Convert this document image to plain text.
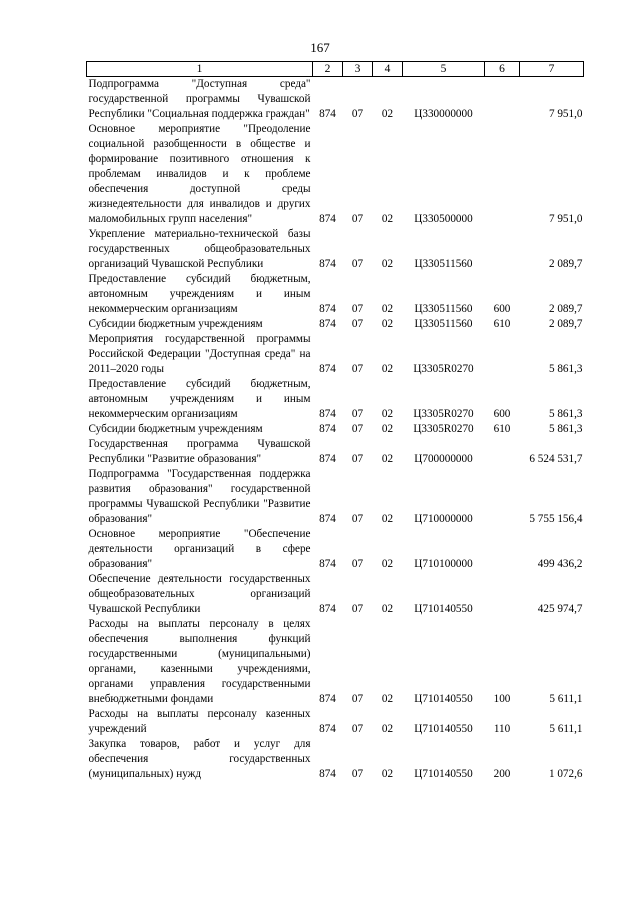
167
1	2	3	4	5	6	7
Подпрограмма "Доступная среда" государственной программы Чувашской Республики "Социальная поддержка граждан"	874	07	02	Ц330000000		7 951,0
Основное мероприятие "Преодоление социальной разобщенности в обществе и формирование позитивного отношения к проблемам инвалидов и к проблеме обеспечения доступной среды жизнедеятельности для инвалидов и других маломобильных групп населения"	874	07	02	Ц330500000		7 951,0
Укрепление материально-технической базы государственных общеобразовательных организаций Чувашской Республики	874	07	02	Ц330511560		2 089,7
Предоставление субсидий бюджетным, автономным учреждениям и иным некоммерческим организациям	874	07	02	Ц330511560	600	2 089,7
Субсидии бюджетным учреждениям	874	07	02	Ц330511560	610	2 089,7
Мероприятия государственной программы Российской Федерации "Доступная среда" на 2011–2020 годы	874	07	02	Ц3305R0270		5 861,3
Предоставление субсидий бюджетным, автономным учреждениям и иным некоммерческим организациям	874	07	02	Ц3305R0270	600	5 861,3
Субсидии бюджетным учреждениям	874	07	02	Ц3305R0270	610	5 861,3
Государственная программа Чувашской Республики "Развитие образования"	874	07	02	Ц700000000		6 524 531,7
Подпрограмма "Государственная поддержка развития образования" государственной программы Чувашской Республики "Развитие образования"	874	07	02	Ц710000000		5 755 156,4
Основное мероприятие "Обеспечение деятельности организаций в сфере образования"	874	07	02	Ц710100000		499 436,2
Обеспечение деятельности государственных общеобразовательных организаций Чувашской Республики	874	07	02	Ц710140550		425 974,7
Расходы на выплаты персоналу в целях обеспечения выполнения функций государственными (муниципальными) органами, казенными учреждениями, органами управления государственными внебюджетными фондами	874	07	02	Ц710140550	100	5 611,1
Расходы на выплаты персоналу казенных учреждений	874	07	02	Ц710140550	110	5 611,1
Закупка товаров, работ и услуг для обеспечения государственных (муниципальных) нужд	874	07	02	Ц710140550	200	1 072,6
